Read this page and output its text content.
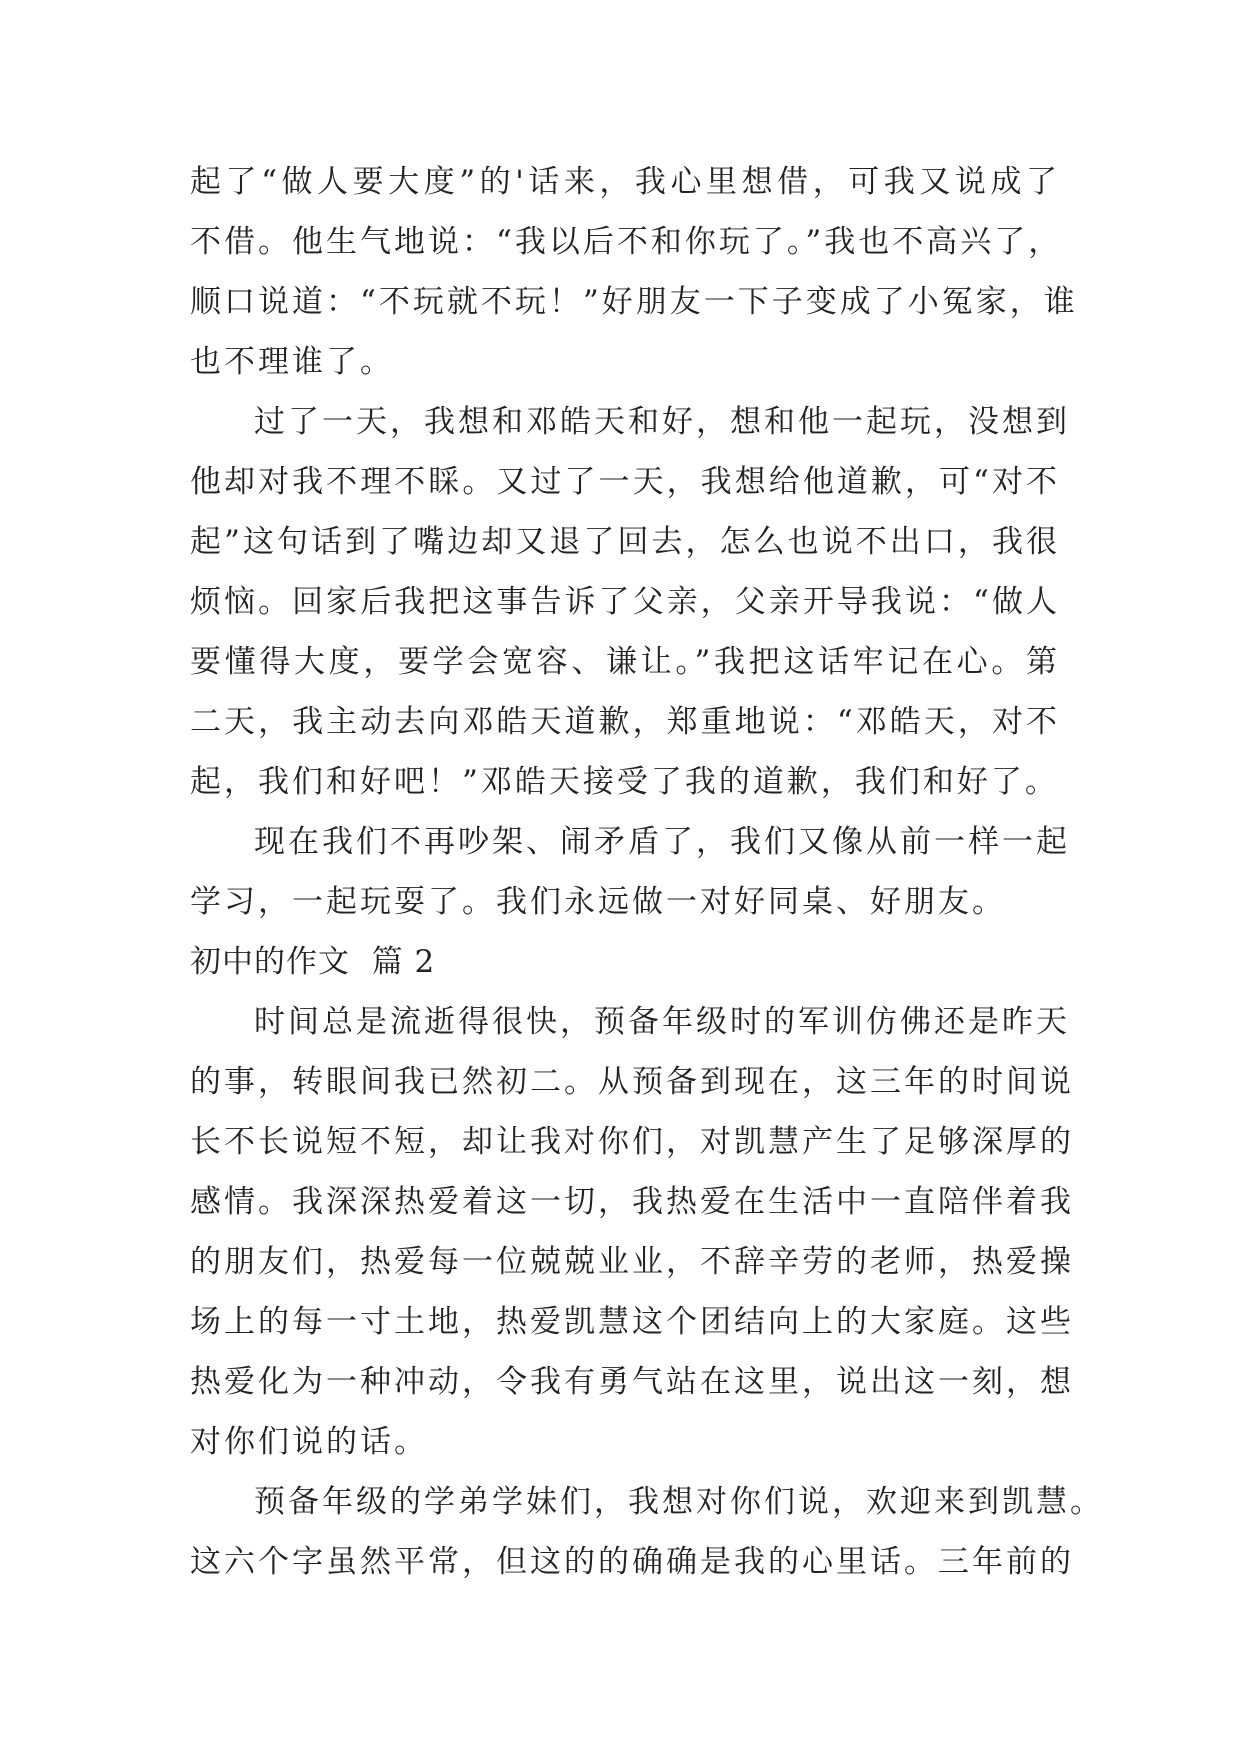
起了“做人要大度”的'话来，我心里想借，可我又说成了
不借。他生气地说：“我以后不和你玩了。”我也不高兴了，
顺口说道：“不玩就不玩！”好朋友一下子变成了小冤家，谁
也不理谁了。
过了一天，我想和邓皓天和好，想和他一起玩，没想到
他却对我不理不睬。又过了一天，我想给他道歉，可“对不
起”这句话到了嘴边却又退了回去，怎么也说不出口，我很
烦恼。回家后我把这事告诉了父亲，父亲开导我说：“做人
要懂得大度，要学会宽容、谦让。”我把这话牢记在心。第
二天，我主动去向邓皓天道歉，郑重地说：“邓皓天，对不
起，我们和好吧！”邓皓天接受了我的道歉，我们和好了。
现在我们不再吵架、闹矛盾了，我们又像从前一样一起
学习，一起玩耍了。我们永远做一对好同桌、好朋友。
初中的作文  篇 2
时间总是流逝得很快，预备年级时的军训仿佛还是昨天
的事，转眼间我已然初二。从预备到现在，这三年的时间说
长不长说短不短，却让我对你们，对凯慧产生了足够深厚的
感情。我深深热爱着这一切，我热爱在生活中一直陪伴着我
的朋友们，热爱每一位兢兢业业，不辞辛劳的老师，热爱操
场上的每一寸土地，热爱凯慧这个团结向上的大家庭。这些
热爱化为一种冲动，令我有勇气站在这里，说出这一刻，想
对你们说的话。
预备年级的学弟学妹们，我想对你们说，欢迎来到凯慧。
这六个字虽然平常，但这的的确确是我的心里话。三年前的
